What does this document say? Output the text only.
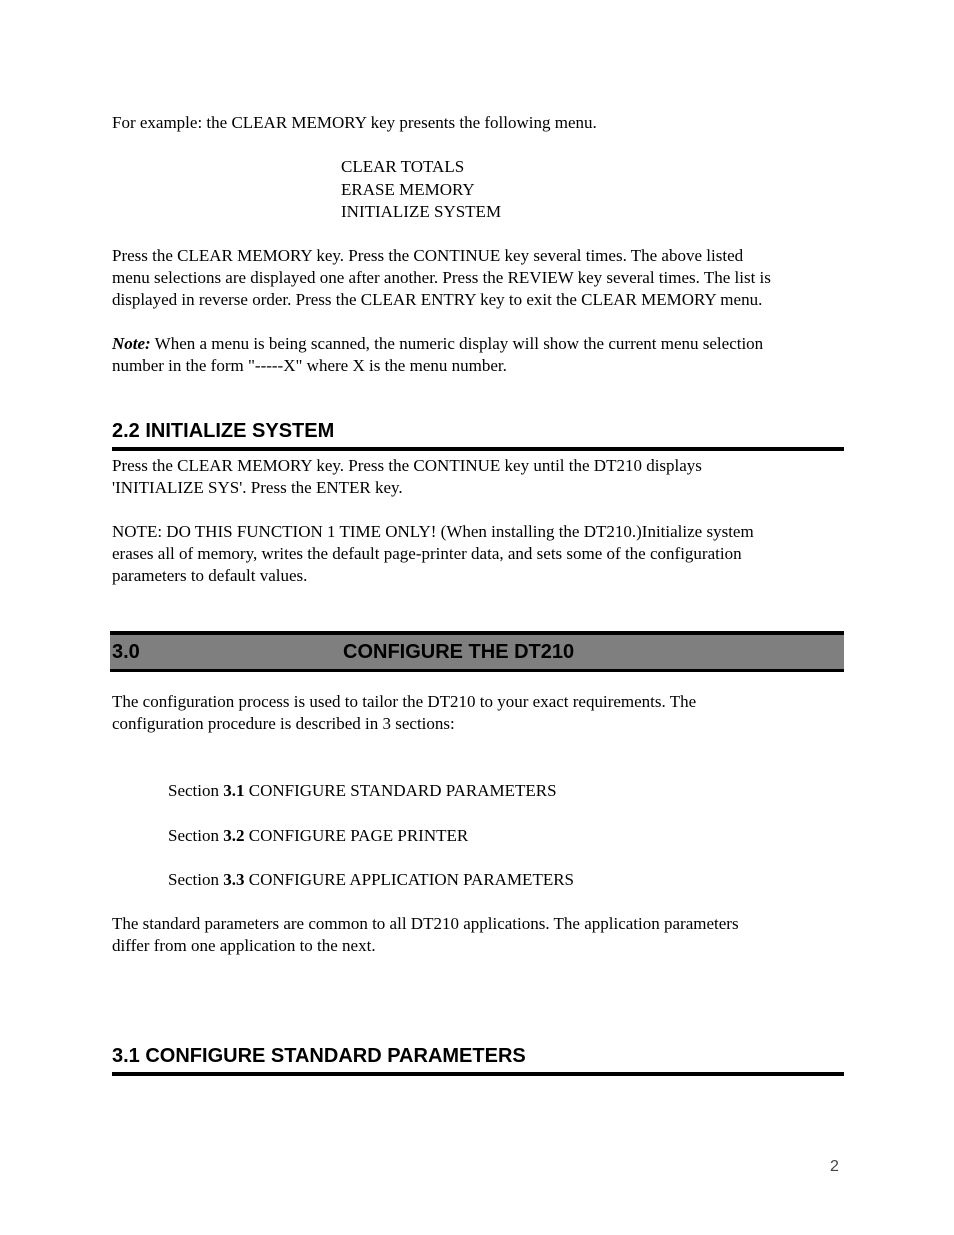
For example: the CLEAR MEMORY key presents the following menu.

CLEAR TOTALS
ERASE MEMORY
INITIALIZE SYSTEM

Press the CLEAR MEMORY key. Press the CONTINUE key several times. The above listed
menu selections are displayed one after another. Press the REVIEW key several times. The list is
displayed in reverse order. Press the CLEAR ENTRY key to exit the CLEAR MEMORY menu.

Note: When a menu is being scanned, the numeric display will show the current menu selection
number in the form "-----X" where X is the menu number.

2.2 INITIALIZE SYSTEM

Press the CLEAR MEMORY key. Press the CONTINUE key until the DT210 displays
'INITIALIZE SYS'. Press the ENTER key.

NOTE: DO THIS FUNCTION 1 TIME ONLY! (When installing the DT210.)Initialize system
erases all of memory, writes the default page-printer data, and sets some of the configuration
parameters to default values.

3.0	CONFIGURE THE DT210

The configuration process is used to tailor the DT210 to your exact requirements. The
configuration procedure is described in 3 sections:

Section 3.1 CONFIGURE STANDARD PARAMETERS

Section 3.2 CONFIGURE PAGE PRINTER

Section 3.3 CONFIGURE APPLICATION PARAMETERS

The standard parameters are common to all DT210 applications. The application parameters
differ from one application to the next.

3.1 CONFIGURE STANDARD PARAMETERS
2
